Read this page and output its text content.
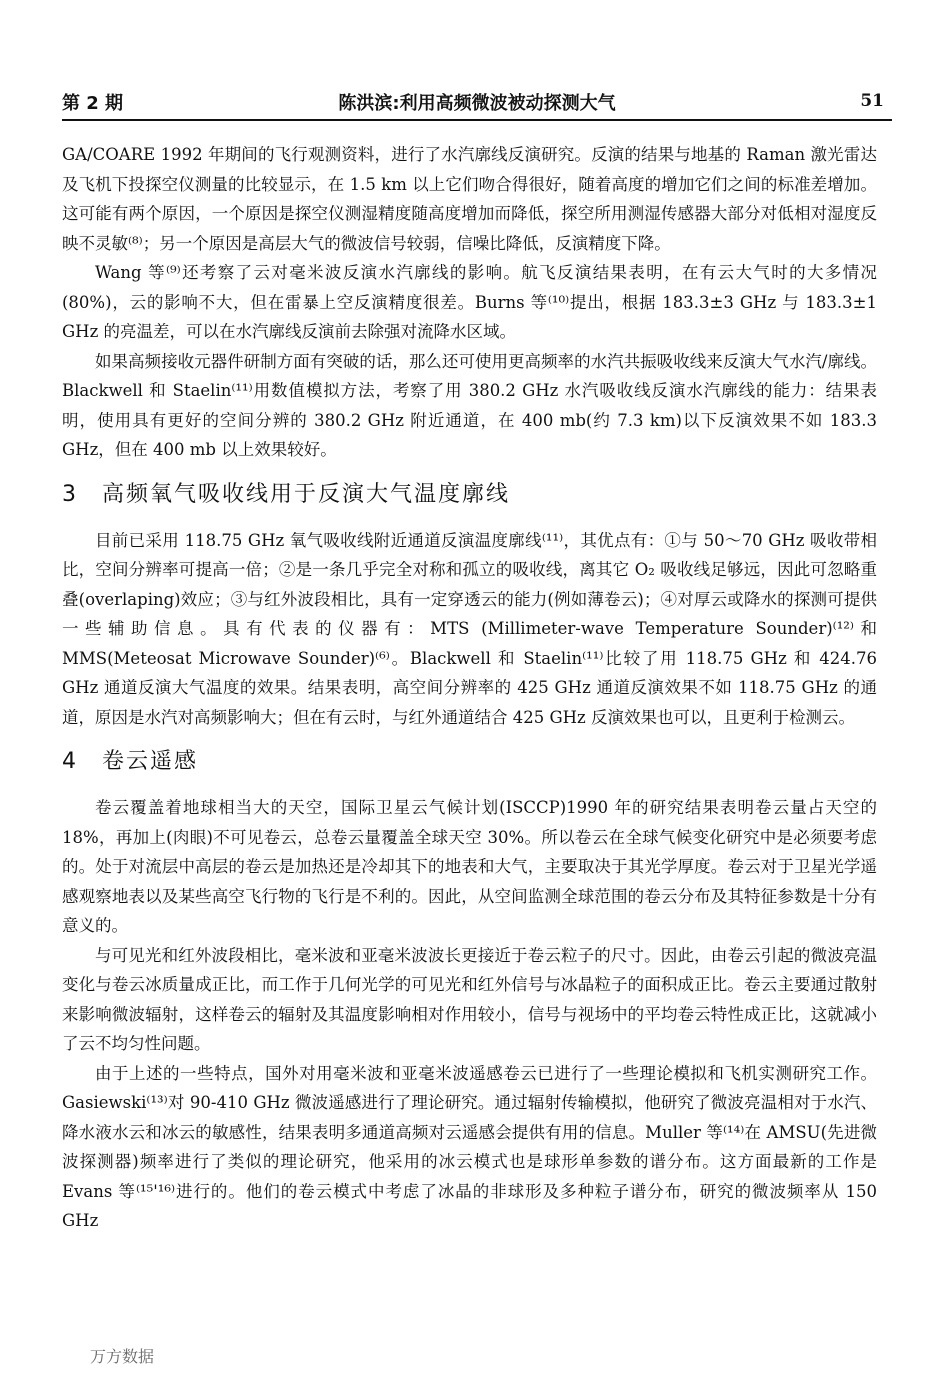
第 2 期	陈洪滨:利用高频微波被动探测大气	51

GA/COARE 1992 年期间的飞行观测资料，进行了水汽廓线反演研究。反演的结果与地基的 Raman 激光雷达及飞机下投探空仪测量的比较显示，在 1.5 km 以上它们吻合得很好，随着高度的增加它们之间的标准差增加。这可能有两个原因，一个原因是探空仪测湿精度随高度增加而降低，探空所用测湿传感器大部分对低相对湿度反映不灵敏⁽⁸⁾；另一个原因是高层大气的微波信号较弱，信噪比降低，反演精度下降。

Wang 等⁽⁹⁾还考察了云对毫米波反演水汽廓线的影响。航飞反演结果表明，在有云大气时的大多情况(80%)，云的影响不大，但在雷暴上空反演精度很差。Burns 等⁽¹⁰⁾提出，根据 183.3±3 GHz 与 183.3±1 GHz 的亮温差，可以在水汽廓线反演前去除强对流降水区域。

如果高频接收元器件研制方面有突破的话，那么还可使用更高频率的水汽共振吸收线来反演大气水汽/廓线。Blackwell 和 Staelin⁽¹¹⁾用数值模拟方法，考察了用 380.2 GHz 水汽吸收线反演水汽廓线的能力：结果表明，使用具有更好的空间分辨的 380.2 GHz 附近通道，在 400 mb(约 7.3 km)以下反演效果不如 183.3 GHz，但在 400 mb 以上效果较好。

3 高频氧气吸收线用于反演大气温度廓线

目前已采用 118.75 GHz 氧气吸收线附近通道反演温度廓线⁽¹¹⁾，其优点有：①与 50～70 GHz 吸收带相比，空间分辨率可提高一倍；②是一条几乎完全对称和孤立的吸收线，离其它 O₂ 吸收线足够远，因此可忽略重叠(overlaping)效应；③与红外波段相比，具有一定穿透云的能力(例如薄卷云)；④对厚云或降水的探测可提供一些辅助信息。具有代表的仪器有：MTS (Millimeter-wave Temperature Sounder)⁽¹²⁾和 MMS(Meteosat Microwave Sounder)⁽⁶⁾。Blackwell 和 Staelin⁽¹¹⁾比较了用 118.75 GHz 和 424.76 GHz 通道反演大气温度的效果。结果表明，高空间分辨率的 425 GHz 通道反演效果不如 118.75 GHz 的通道，原因是水汽对高频影响大；但在有云时，与红外通道结合 425 GHz 反演效果也可以，且更利于检测云。

4 卷云遥感

卷云覆盖着地球相当大的天空，国际卫星云气候计划(ISCCP)1990 年的研究结果表明卷云量占天空的 18%，再加上(肉眼)不可见卷云，总卷云量覆盖全球天空 30%。所以卷云在全球气候变化研究中是必须要考虑的。处于对流层中高层的卷云是加热还是冷却其下的地表和大气，主要取决于其光学厚度。卷云对于卫星光学遥感观察地表以及某些高空飞行物的飞行是不利的。因此，从空间监测全球范围的卷云分布及其特征参数是十分有意义的。

与可见光和红外波段相比，毫米波和亚毫米波波长更接近于卷云粒子的尺寸。因此，由卷云引起的微波亮温变化与卷云冰质量成正比，而工作于几何光学的可见光和红外信号与冰晶粒子的面积成正比。卷云主要通过散射来影响微波辐射，这样卷云的辐射及其温度影响相对作用较小，信号与视场中的平均卷云特性成正比，这就减小了云不均匀性问题。

由于上述的一些特点，国外对用毫米波和亚毫米波遥感卷云已进行了一些理论模拟和飞机实测研究工作。Gasiewski⁽¹³⁾对 90-410 GHz 微波遥感进行了理论研究。通过辐射传输模拟，他研究了微波亮温相对于水汽、降水液水云和冰云的敏感性，结果表明多通道高频对云遥感会提供有用的信息。Muller 等⁽¹⁴⁾在 AMSU(先进微波探测器)频率进行了类似的理论研究，他采用的冰云模式也是球形单参数的谱分布。这方面最新的工作是 Evans 等⁽¹⁵'¹⁶⁾进行的。他们的卷云模式中考虑了冰晶的非球形及多种粒子谱分布，研究的微波频率从 150 GHz

万方数据
